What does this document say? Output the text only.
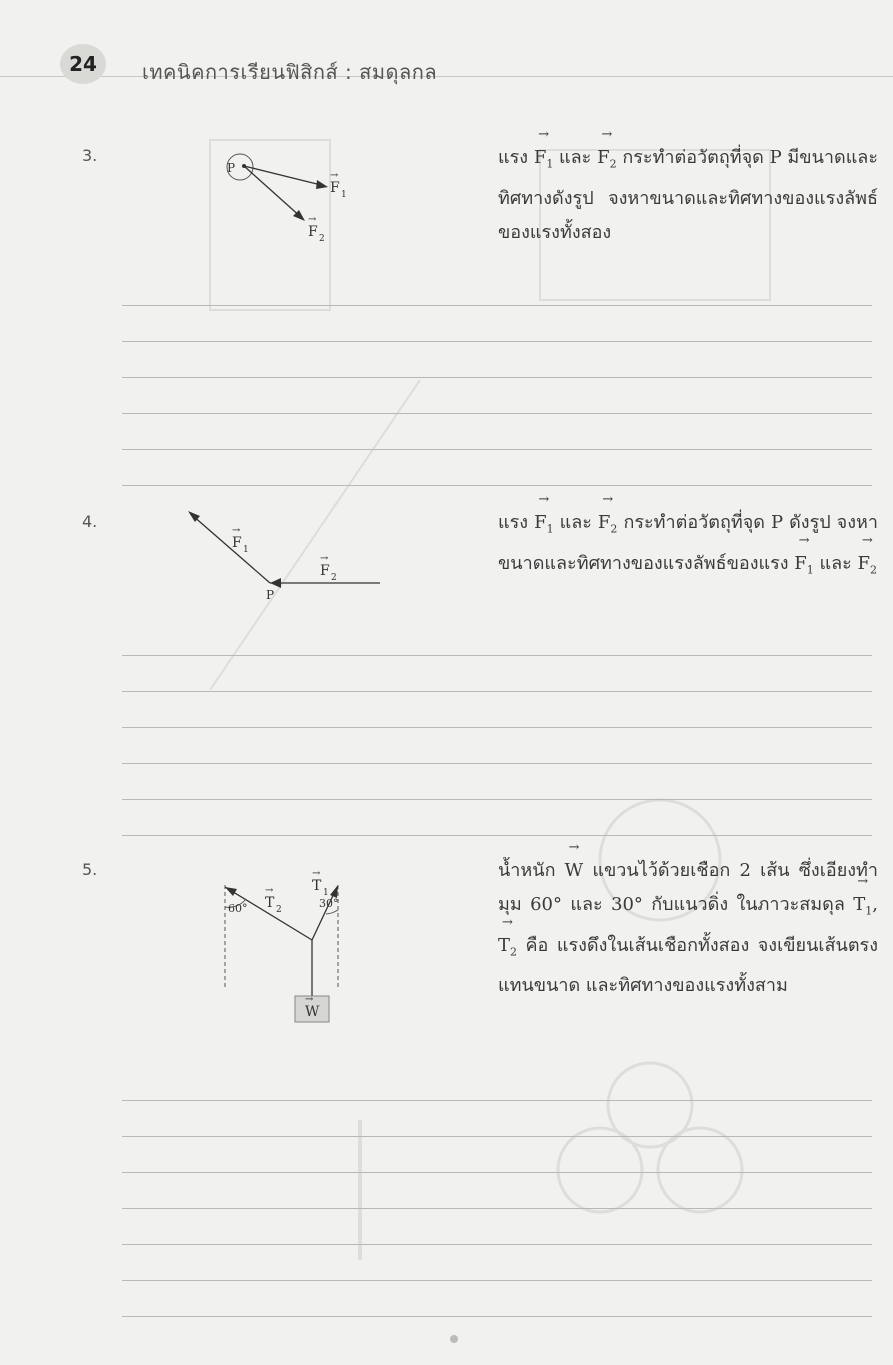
24	เทคนิคการเรียนฟิสิกส์ : สมดุลกล
3.
P
F 1
→
F 2
→
แรง → $F_1$ และ → $F_2$ กระทำต่อวัตถุที่จุด P มีขนาดและทิศทางดังรูป จงหาขนาดและทิศทางของแรงลัพธ์ของแรงทั้งสอง
4.
F 1
→
F 2
→
P
แรง → $F_1$ และ → $F_2$ กระทำต่อวัตถุที่จุด P ดังรูป จงหาขนาดและทิศทางของแรงลัพธ์ของแรง → $F_1$ และ → $F_2$
5.
60°	30°
T 2
→	T 1
→
W
→
น้ำหนัก → W แขวนไว้ด้วยเชือก 2 เส้น ซึ่งเอียงทำมุม 60° และ 30° กับแนวดิ่ง ในภาวะสมดุล → $T_1$, → $T_2$ คือ แรงดึงในเส้นเชือกทั้งสอง จงเขียนเส้นตรงแทนขนาด และทิศทางของแรงทั้งสาม
